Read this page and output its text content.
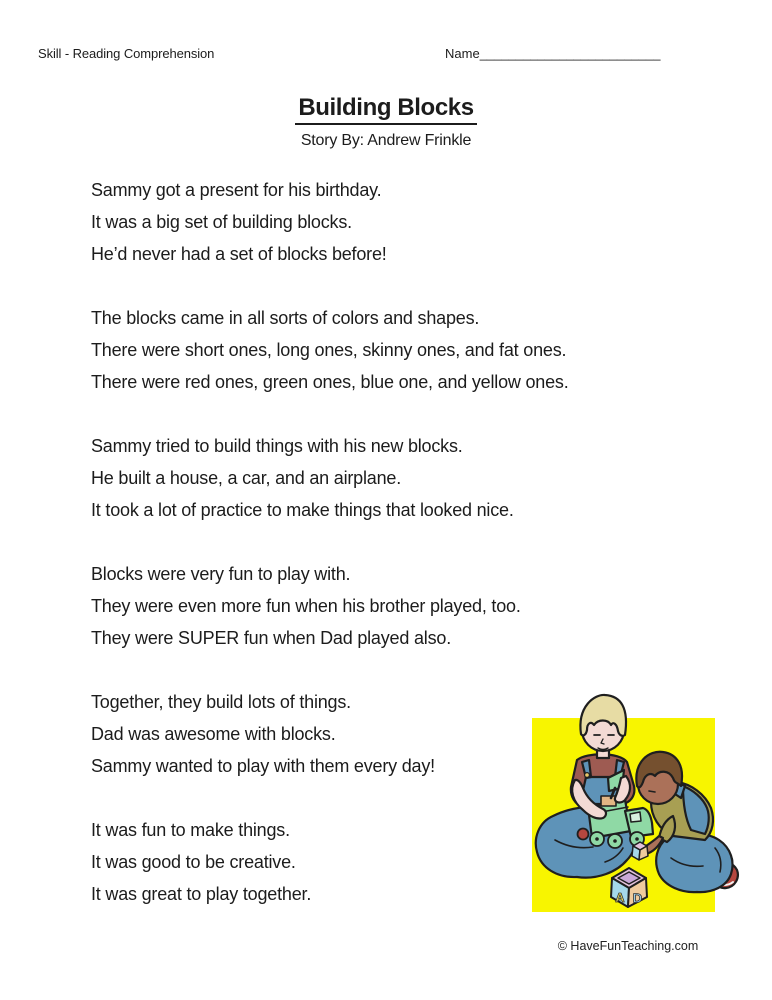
Skill - Reading Comprehension	Name_________________________
Building Blocks
Story By: Andrew Frinkle
Sammy got a present for his birthday.
It was a big set of building blocks.
He’d never had a set of blocks before!
The blocks came in all sorts of colors and shapes.
There were short ones, long ones, skinny ones, and fat ones.
There were red ones, green ones, blue one, and yellow ones.
Sammy tried to build things with his new blocks.
He built a house, a car, and an airplane.
It took a lot of practice to make things that looked nice.
Blocks were very fun to play with.
They were even more fun when his brother played, too.
They were SUPER fun when Dad played also.
Together, they build lots of things.
Dad was awesome with blocks.
Sammy wanted to play with them every day!
It was fun to make things.
It was good to be creative.
It was great to play together.	A D
© HaveFunTeaching.com
